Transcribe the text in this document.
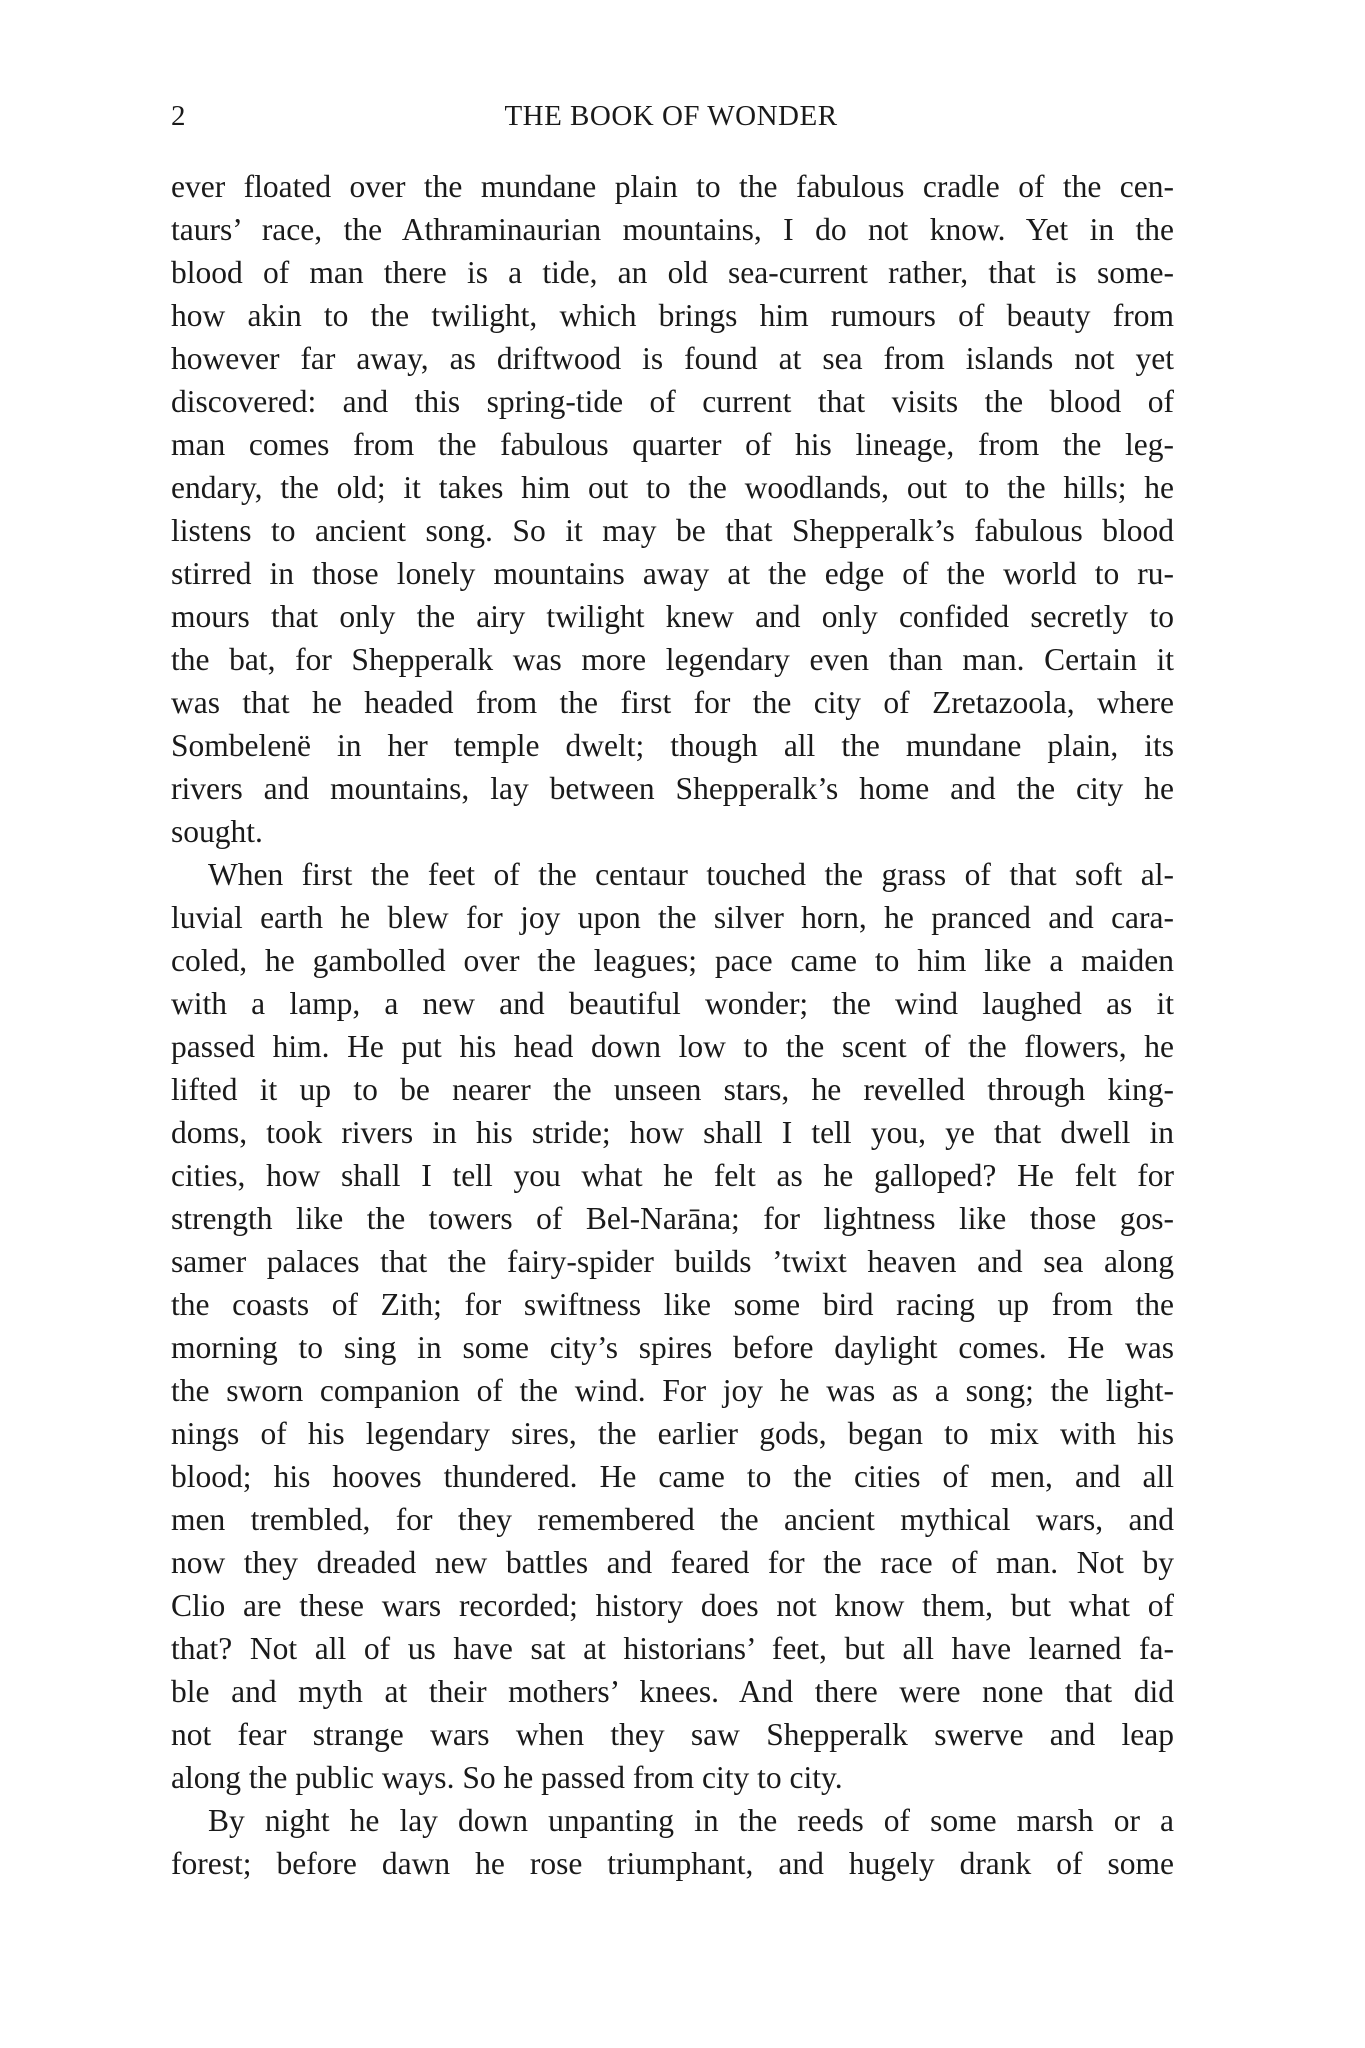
2	THE BOOK OF WONDER
ever floated over the mundane plain to the fabulous cradle of the cen-
taurs’ race, the Athraminaurian mountains, I do not know. Yet in the
blood of man there is a tide, an old sea-current rather, that is some-
how akin to the twilight, which brings him rumours of beauty from
however far away, as driftwood is found at sea from islands not yet
discovered: and this spring-tide of current that visits the blood of
man comes from the fabulous quarter of his lineage, from the leg-
endary, the old; it takes him out to the woodlands, out to the hills; he
listens to ancient song. So it may be that Shepperalk’s fabulous blood
stirred in those lonely mountains away at the edge of the world to ru-
mours that only the airy twilight knew and only confided secretly to
the bat, for Shepperalk was more legendary even than man. Certain it
was that he headed from the first for the city of Zretazoola, where
Sombelenë in her temple dwelt; though all the mundane plain, its
rivers and mountains, lay between Shepperalk’s home and the city he
sought.
When first the feet of the centaur touched the grass of that soft al-
luvial earth he blew for joy upon the silver horn, he pranced and cara-
coled, he gambolled over the leagues; pace came to him like a maiden
with a lamp, a new and beautiful wonder; the wind laughed as it
passed him. He put his head down low to the scent of the flowers, he
lifted it up to be nearer the unseen stars, he revelled through king-
doms, took rivers in his stride; how shall I tell you, ye that dwell in
cities, how shall I tell you what he felt as he galloped? He felt for
strength like the towers of Bel-Narāna; for lightness like those gos-
samer palaces that the fairy-spider builds ’twixt heaven and sea along
the coasts of Zith; for swiftness like some bird racing up from the
morning to sing in some city’s spires before daylight comes. He was
the sworn companion of the wind. For joy he was as a song; the light-
nings of his legendary sires, the earlier gods, began to mix with his
blood; his hooves thundered. He came to the cities of men, and all
men trembled, for they remembered the ancient mythical wars, and
now they dreaded new battles and feared for the race of man. Not by
Clio are these wars recorded; history does not know them, but what of
that? Not all of us have sat at historians’ feet, but all have learned fa-
ble and myth at their mothers’ knees. And there were none that did
not fear strange wars when they saw Shepperalk swerve and leap
along the public ways. So he passed from city to city.
By night he lay down unpanting in the reeds of some marsh or a
forest; before dawn he rose triumphant, and hugely drank of some
